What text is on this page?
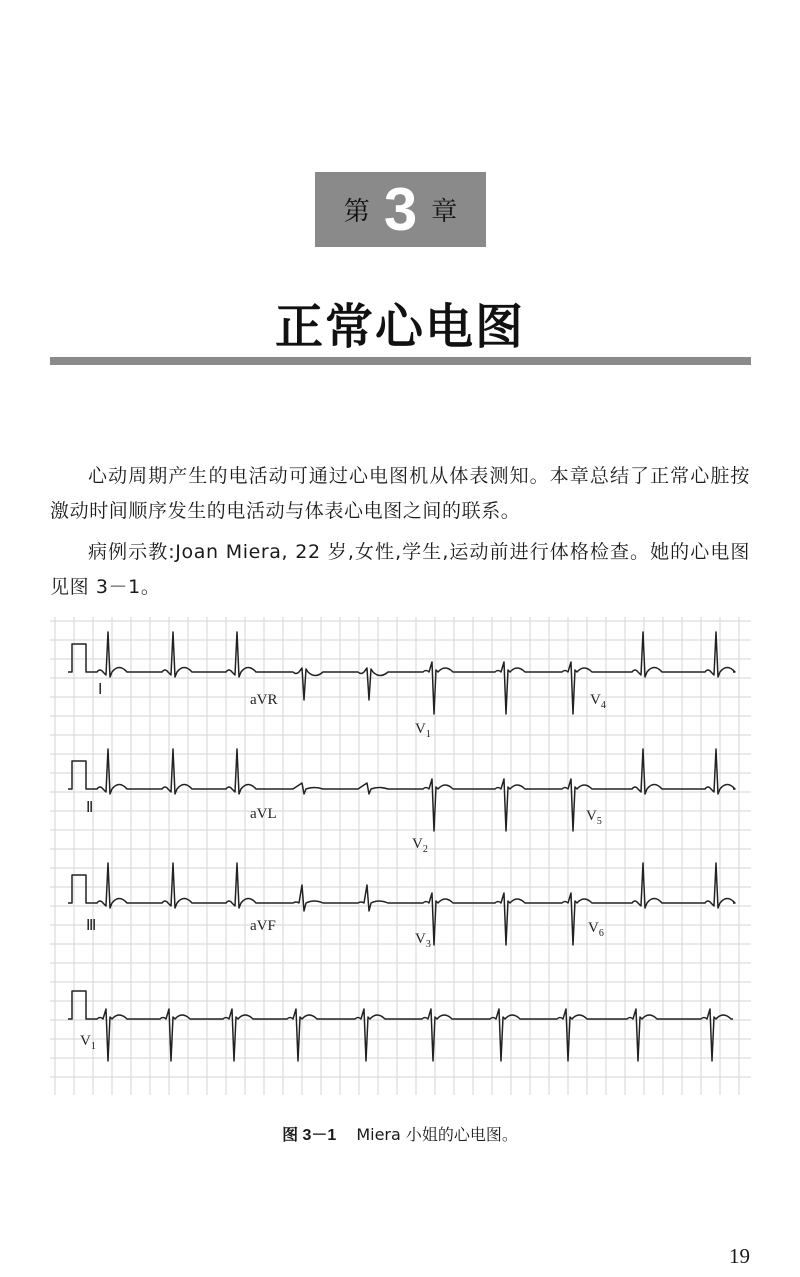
第 3 章
正常心电图

心动周期产生的电活动可通过心电图机从体表测知。本章总结了正常心脏按激动时间顺序发生的电活动与体表心电图之间的联系。

病例示教:Joan Miera, 22 岁,女性,学生,运动前进行体格检查。她的心电图见图 3－1。

Ⅰ
aVR
$V_1$
$V_4$
Ⅱ	aVL
$V_2$
$V_5$
Ⅲ	aVF
$V_3$
$V_6$
$V_1$
图 3－1 Miera 小姐的心电图。
19
